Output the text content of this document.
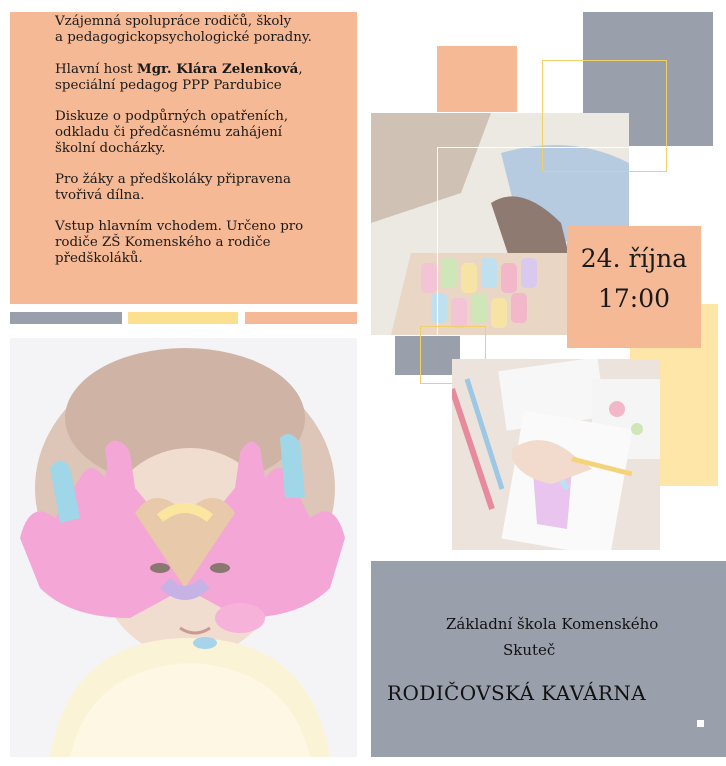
Vzájemná spolupráce rodičů, školy
a pedagogickopsychologické poradny.

Hlavní host Mgr. Klára Zelenková,
speciální pedagog PPP Pardubice

Diskuze o podpůrných opatřeních,
odkladu či předčasnému zahájení
školní docházky.

Pro žáky a předškoláky připravena
tvořivá dílna.

Vstup hlavním vchodem. Určeno pro
rodiče ZŠ Komenského a rodiče
předškoláků.	24. října
17:00
Základní škola Komenského
Skuteč
RODIČOVSKÁ KAVÁRNA
